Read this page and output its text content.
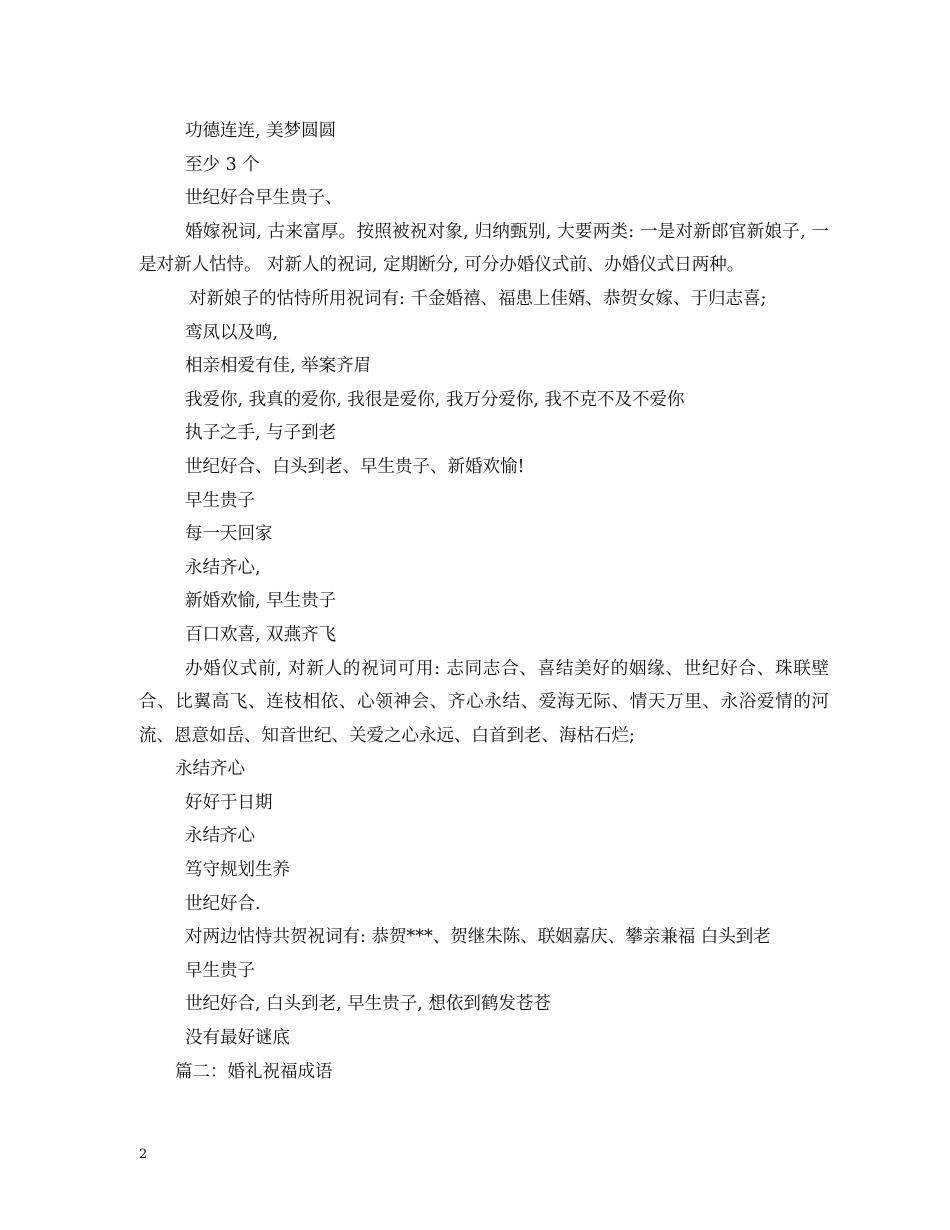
功德连连, 美梦圆圆

至少 3 个

世纪好合早生贵子、

婚嫁祝词, 古来富厚。按照被祝对象, 归纳甄别, 大要两类: 一是对新郎官新娘子, 一是对新人怙恃。 对新人的祝词, 定期断分, 可分办婚仪式前、办婚仪式日两种。

对新娘子的怙恃所用祝词有: 千金婚禧、福患上佳婿、恭贺女嫁、于归志喜;

鸾凤以及鸣,

相亲相爱有佳, 举案齐眉

我爱你, 我真的爱你, 我很是爱你, 我万分爱你, 我不克不及不爱你

执子之手, 与子到老

世纪好合、白头到老、早生贵子、新婚欢愉!

早生贵子

每一天回家

永结齐心,

新婚欢愉, 早生贵子

百口欢喜, 双燕齐飞

办婚仪式前, 对新人的祝词可用: 志同志合、喜结美好的姻缘、世纪好合、珠联壁合、比翼高飞、连枝相依、心领神会、齐心永结、爱海无际、情天万里、永浴爱情的河流、恩意如岳、知音世纪、关爱之心永远、白首到老、海枯石烂;

永结齐心

好好于日期

永结齐心

笃守规划生养

世纪好合.

对两边怙恃共贺祝词有: 恭贺***、贺继朱陈、联姻嘉庆、攀亲兼福 白头到老

早生贵子

世纪好合, 白头到老, 早生贵子, 想依到鹤发苍苍

没有最好谜底

篇二：婚礼祝福成语

2
